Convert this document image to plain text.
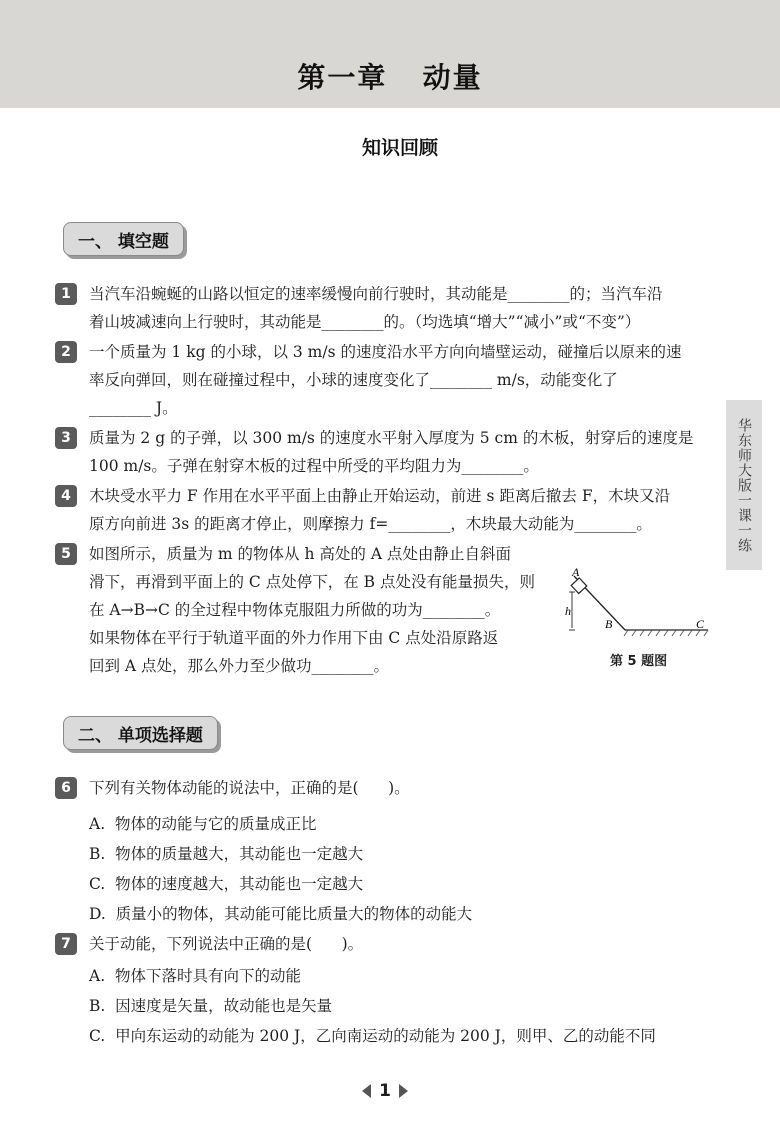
第一章   动量
知识回顾
华东师大版一课一练
一、 填空题
1	当汽车沿蜿蜒的山路以恒定的速率缓慢向前行驶时，其动能是________的；当汽车沿
着山坡减速向上行驶时，其动能是________的。（均选填“增大”“减小”或“不变”）
2	一个质量为 1 kg 的小球，以 3 m/s 的速度沿水平方向向墙壁运动，碰撞后以原来的速
率反向弹回，则在碰撞过程中，小球的速度变化了________ m/s，动能变化了
________ J。
3	质量为 2 g 的子弹，以 300 m/s 的速度水平射入厚度为 5 cm 的木板，射穿后的速度是
100 m/s。子弹在射穿木板的过程中所受的平均阻力为________。
4	木块受水平力 F 作用在水平平面上由静止开始运动，前进 s 距离后撤去 F，木块又沿
原方向前进 3s 的距离才停止，则摩擦力 f=________，木块最大动能为________。
5	如图所示，质量为 m 的物体从 h 高处的 A 点处由静止自斜面
滑下，再滑到平面上的 C 点处停下，在 B 点处没有能量损失，则
在 A→B→C 的全过程中物体克服阻力所做的功为________。
如果物体在平行于轨道平面的外力作用下由 C 点处沿原路返
回到 A 点处，那么外力至少做功________。
A
h
B	C
第 5 题图
二、 单项选择题
6	下列有关物体动能的说法中，正确的是(      )。
A.  物体的动能与它的质量成正比
B.  物体的质量越大，其动能也一定越大
C.  物体的速度越大，其动能也一定越大
D.  质量小的物体，其动能可能比质量大的物体的动能大
7	关于动能，下列说法中正确的是(      )。
A.  物体下落时具有向下的动能
B.  因速度是矢量，故动能也是矢量
C.  甲向东运动的动能为 200 J，乙向南运动的动能为 200 J，则甲、乙的动能不同
1
